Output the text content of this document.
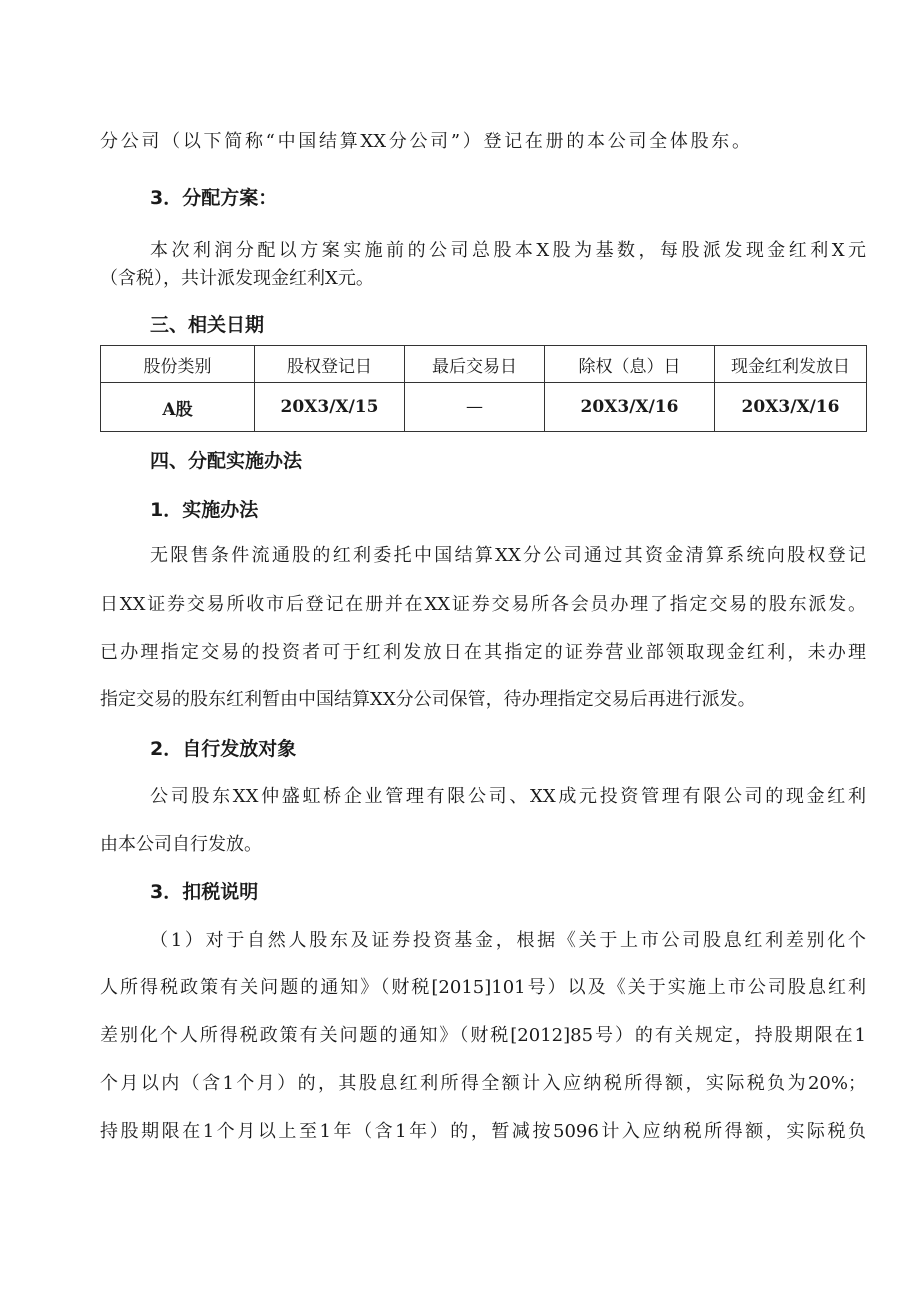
分公司（以下简称“中国结算XX分公司”）登记在册的本公司全体股东。
3．分配方案：
本次利润分配以方案实施前的公司总股本X股为基数，每股派发现金红利X元
（含税），共计派发现金红利X元。
三、相关日期
股份类别	股权登记日	最后交易日	除权（息）日	现金红利发放日
A股	20X3/X/15	—	20X3/X/16	20X3/X/16
四、分配实施办法
1．实施办法
无限售条件流通股的红利委托中国结算XX分公司通过其资金清算系统向股权登记
日XX证券交易所收市后登记在册并在XX证券交易所各会员办理了指定交易的股东派发。
已办理指定交易的投资者可于红利发放日在其指定的证券营业部领取现金红利，未办理
指定交易的股东红利暂由中国结算XX分公司保管，待办理指定交易后再进行派发。
2．自行发放对象
公司股东XX仲盛虹桥企业管理有限公司、XX成元投资管理有限公司的现金红利
由本公司自行发放。
3．扣税说明
（1）对于自然人股东及证券投资基金，根据《关于上市公司股息红利差别化个
人所得税政策有关问题的通知》（财税[2015]101号）以及《关于实施上市公司股息红利
差别化个人所得税政策有关问题的通知》（财税[2012]85号）的有关规定，持股期限在1
个月以内（含1个月）的，其股息红利所得全额计入应纳税所得额，实际税负为20%；
持股期限在1个月以上至1年（含1年）的，暂减按5096计入应纳税所得额，实际税负
